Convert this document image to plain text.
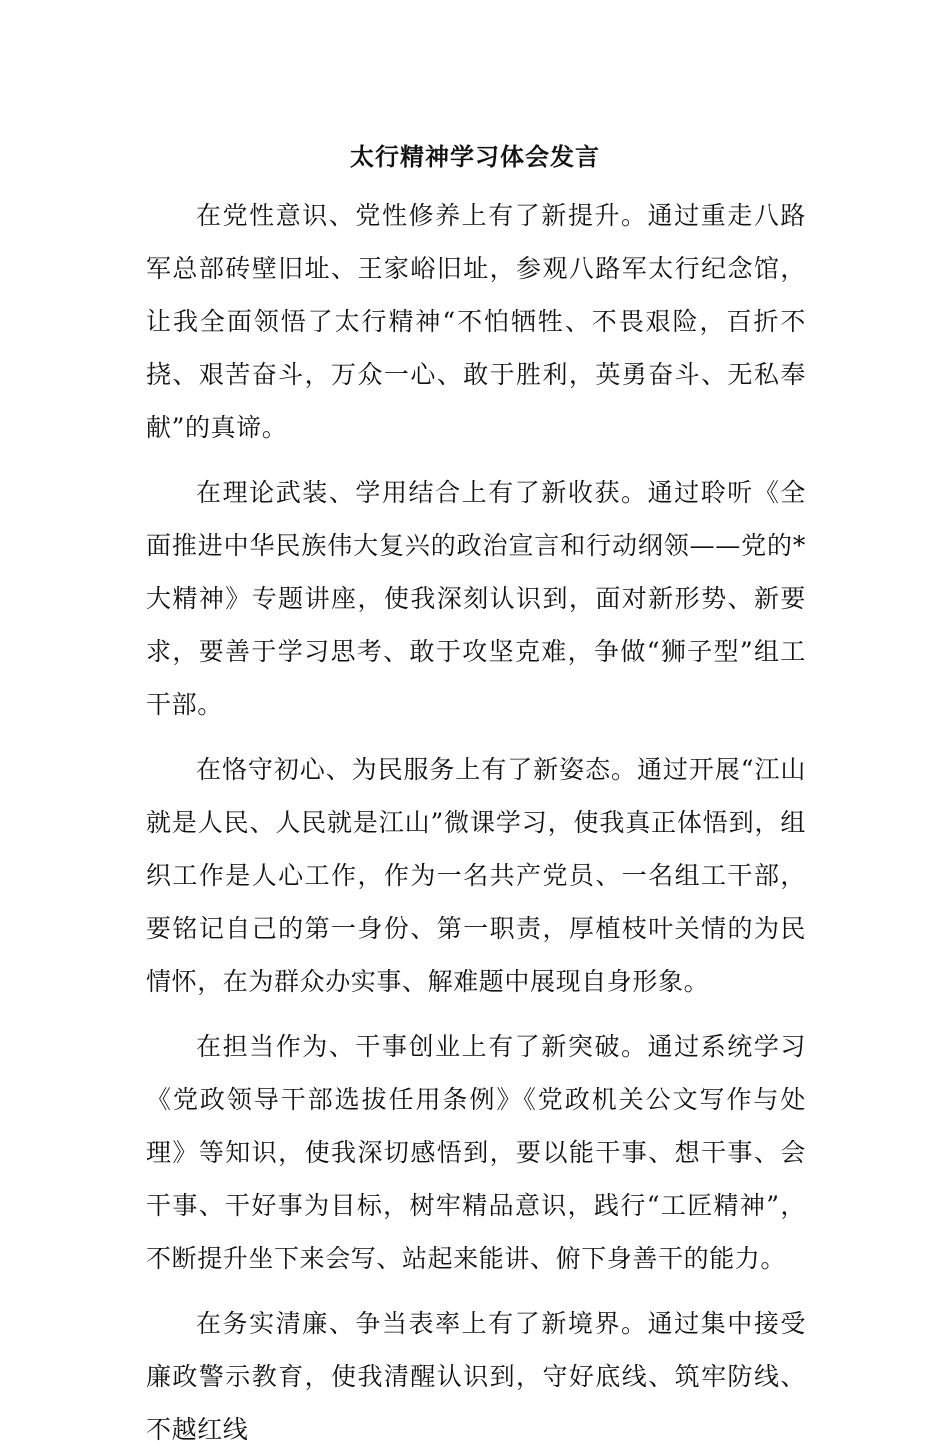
太行精神学习体会发言

在党性意识、党性修养上有了新提升。通过重走八路军总部砖壁旧址、王家峪旧址，参观八路军太行纪念馆，让我全面领悟了太行精神“不怕牺牲、不畏艰险，百折不挠、艰苦奋斗，万众一心、敢于胜利，英勇奋斗、无私奉献”的真谛。

在理论武装、学用结合上有了新收获。通过聆听《全面推进中华民族伟大复兴的政治宣言和行动纲领——党的*大精神》专题讲座，使我深刻认识到，面对新形势、新要求，要善于学习思考、敢于攻坚克难，争做“狮子型”组工干部。

在恪守初心、为民服务上有了新姿态。通过开展“江山就是人民、人民就是江山”微课学习，使我真正体悟到，组织工作是人心工作，作为一名共产党员、一名组工干部，要铭记自己的第一身份、第一职责，厚植枝叶关情的为民情怀，在为群众办实事、解难题中展现自身形象。

在担当作为、干事创业上有了新突破。通过系统学习《党政领导干部选拔任用条例》《党政机关公文写作与处理》等知识，使我深切感悟到，要以能干事、想干事、会干事、干好事为目标，树牢精品意识，践行“工匠精神”，不断提升坐下来会写、站起来能讲、俯下身善干的能力。

在务实清廉、争当表率上有了新境界。通过集中接受廉政警示教育，使我清醒认识到，守好底线、筑牢防线、不越红线
